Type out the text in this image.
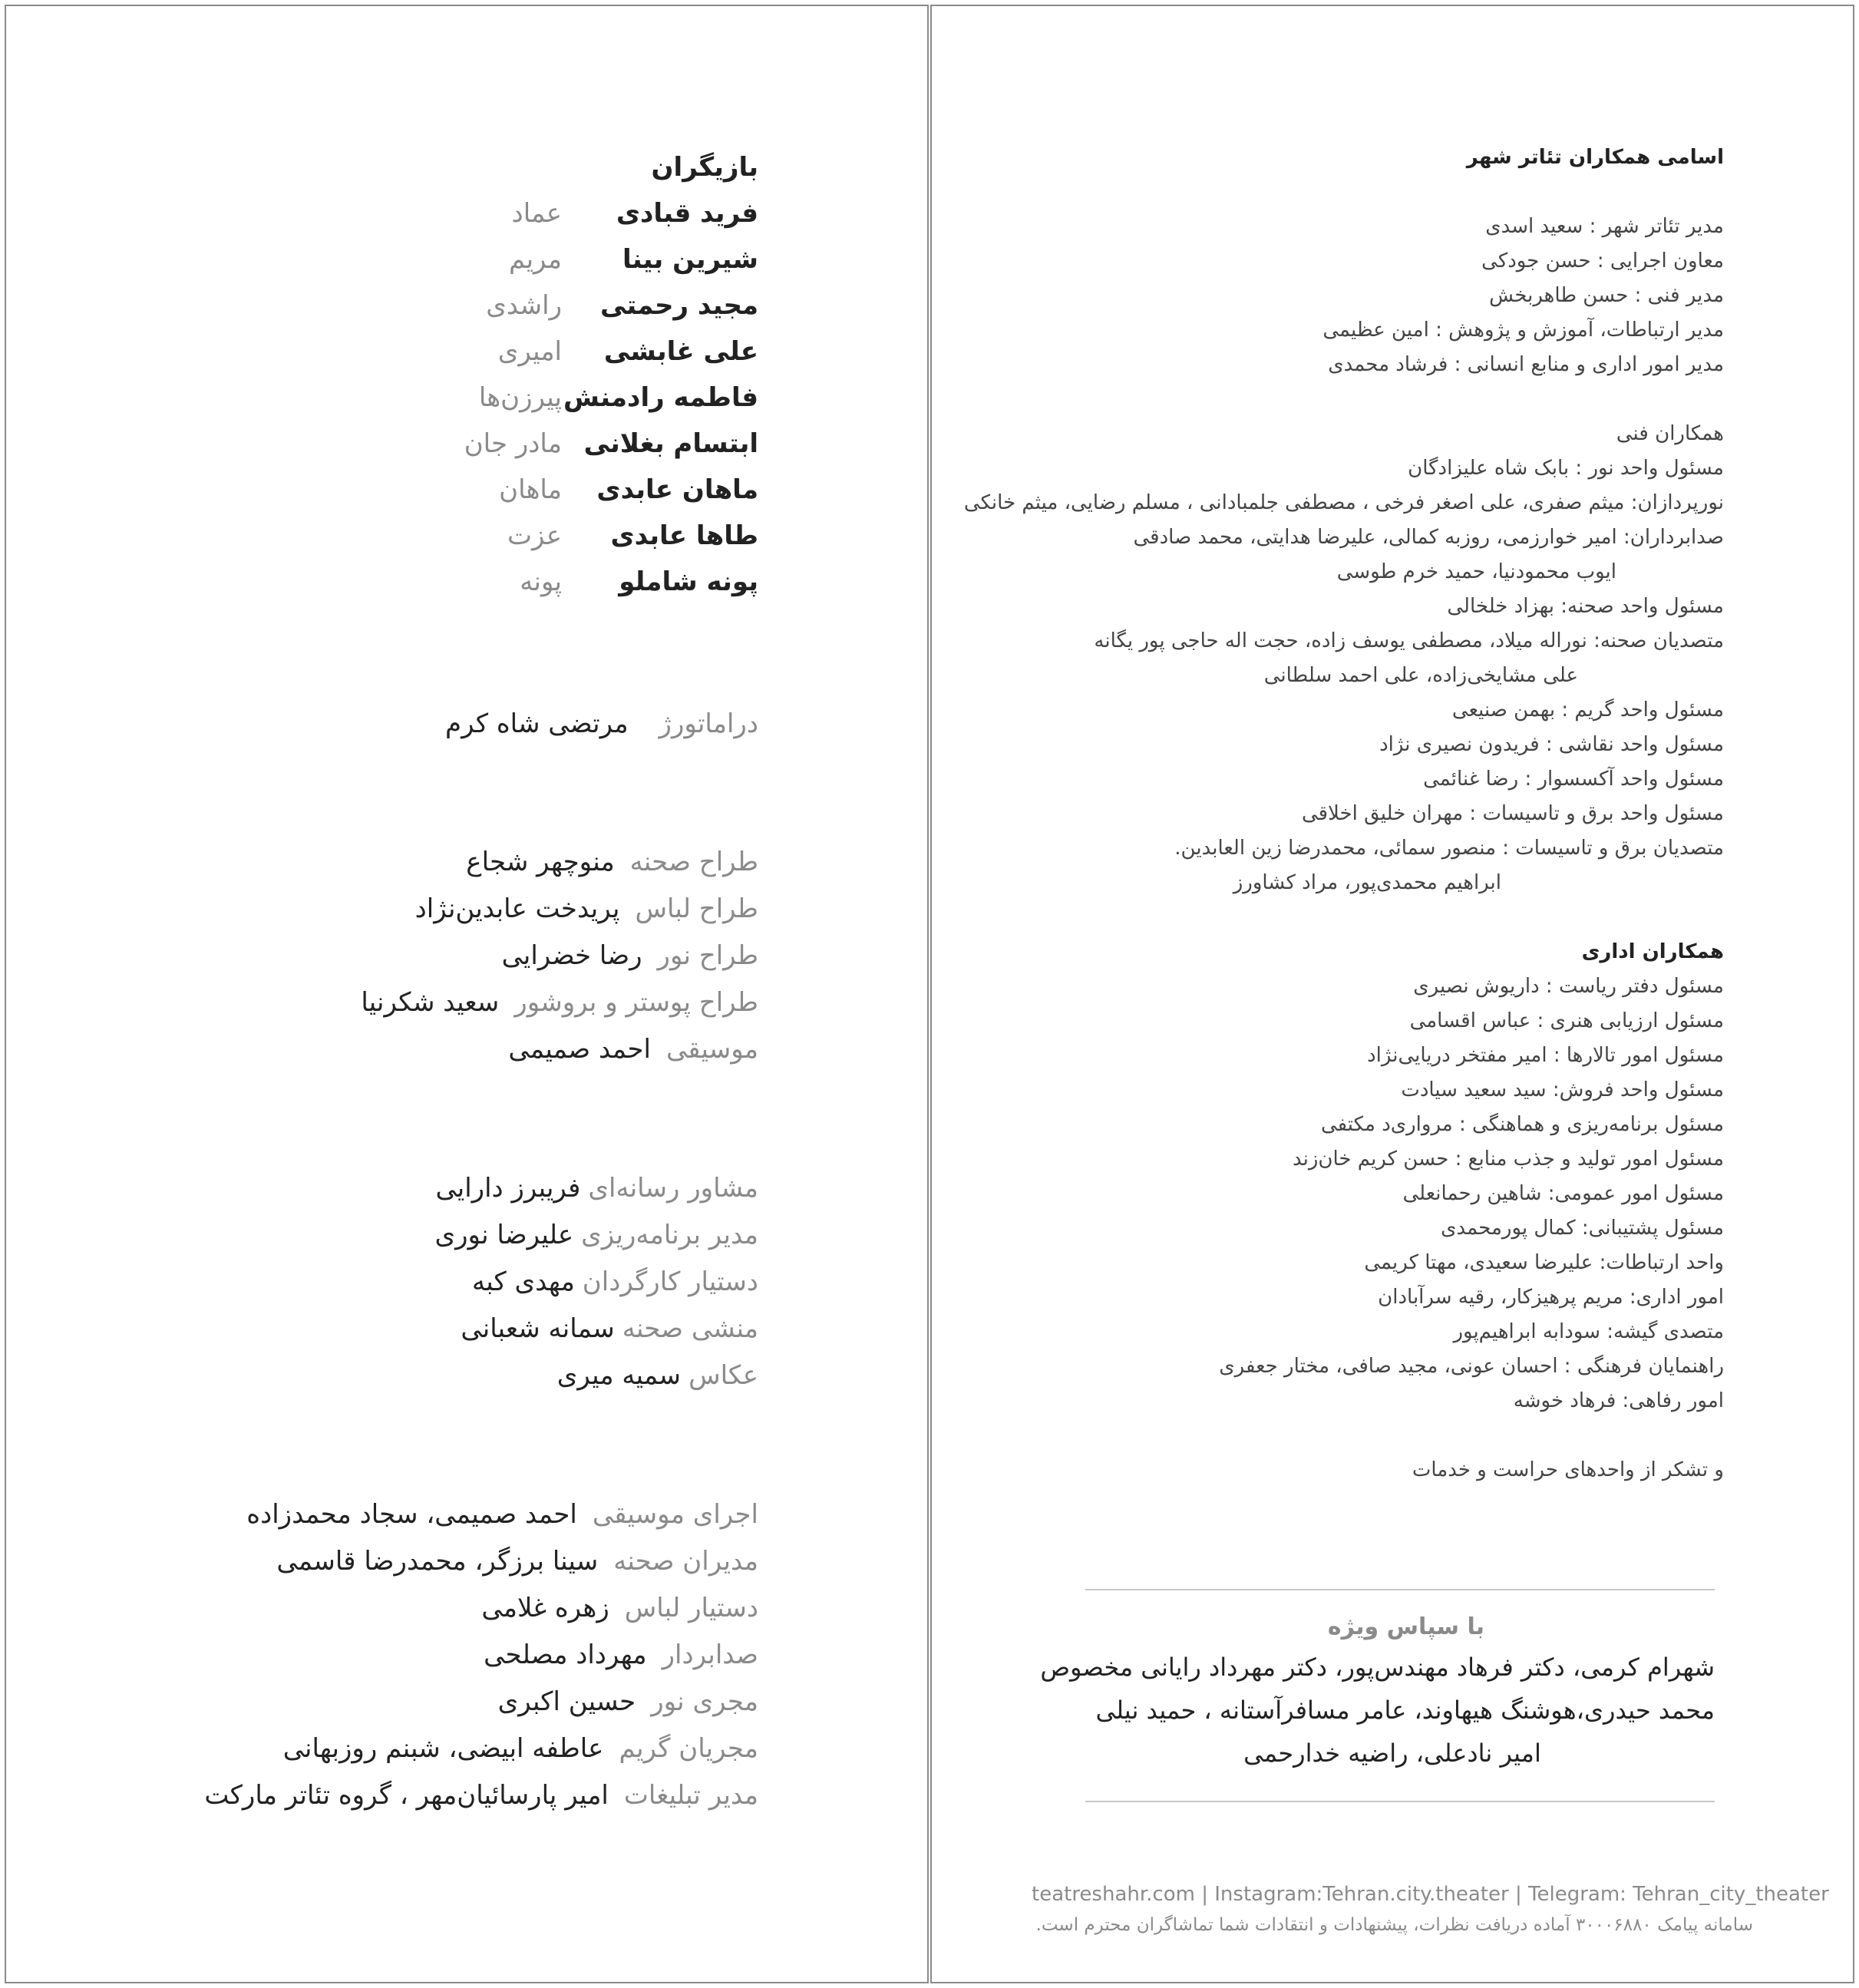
بازیگران
فرید قبادی
عماد
شیرین بینا
مریم
مجید رحمتی
راشدی
علی غابشی
امیری
فاطمه رادمنش
پیرزن‌ها
ابتسام بغلانی
مادر جان
ماهان عابدی
ماهان
طاها عابدی
عزت
پونه شاملو
پونه
دراماتورژمرتضی شاه کرم
طراح صحنهمنوچهر شجاع
طراح لباسپریدخت عابدین‌نژاد
طراح نوررضا خضرایی
طراح پوستر و بروشورسعید شکرنیا
موسیقیاحمد صمیمی
مشاور رسانه‌ایفریبرز دارایی
مدیر برنامه‌ریزیعلیرضا نوری
دستیار کارگردانمهدی کبه
منشی صحنهسمانه شعبانی
عکاسسمیه میری
اجرای موسیقیاحمد صمیمی، سجاد محمدزاده
مدیران صحنهسینا برزگر، محمدرضا قاسمی
دستیار لباسزهره غلامی
صدابردارمهرداد مصلحی
مجری نورحسین اکبری
مجریان گریمعاطفه ابیضی، شبنم روزبهانی
مدیر تبلیغاتامیر پارسائیان‌مهر ، گروه تئاتر مارکت
اسامی همکاران تئاتر شهر
مدیر تئاتر شهر : سعید اسدی
معاون اجرایی : حسن جودکی
مدیر فنی : حسن طاهربخش
مدیر ارتباطات، آموزش و پژوهش : امین عظیمی
مدیر امور اداری و منابع انسانی : فرشاد محمدی
همکاران فنی
مسئول واحد نور : بابک شاه علیزادگان
نورپردازان: میثم صفری، علی اصغر فرخی ، مصطفی جلمبادانی ، مسلم رضایی، میثم خانکی
صدابرداران: امیر خوارزمی، روزبه کمالی، علیرضا هدایتی، محمد صادقی
ایوب محمودنیا، حمید خرم طوسی
مسئول واحد صحنه: بهزاد خلخالی
متصدیان صحنه: نوراله میلاد، مصطفی یوسف زاده، حجت اله حاجی پور یگانه
علی مشایخی‌زاده، علی احمد سلطانی
مسئول واحد گریم : بهمن صنیعی
مسئول واحد نقاشی : فریدون نصیری نژاد
مسئول واحد آکسسوار : رضا غنائمی
مسئول واحد برق و تاسیسات : مهران خلیق اخلاقی
متصدیان برق و تاسیسات : منصور سمائی، محمدرضا زین العابدین.
ابراهیم محمدی‌پور، مراد کشاورز
همکاران اداری
مسئول دفتر ریاست : داریوش نصیری
مسئول ارزیابی هنری : عباس اقسامی
مسئول امور تالارها : امیر مفتخر دریایی‌نژاد
مسئول واحد فروش: سید سعید سیادت
مسئول برنامه‌ریزی و هماهنگی : مرواری‌د مکتفی
مسئول امور تولید و جذب منابع : حسن کریم خان‌زند
مسئول امور عمومی: شاهین رحمانعلی
مسئول پشتیبانی: کمال پورمحمدی
واحد ارتباطات: علیرضا سعیدی، مهتا کریمی
امور اداری: مریم پرهیزکار، رقیه سرآبادان
متصدی گیشه: سودابه ابراهیم‌پور
راهنمایان فرهنگی : احسان عونی، مجید صافی، مختار جعفری
امور رفاهی: فرهاد خوشه
و تشکر از واحدهای حراست و خدمات
با سپاس ویژه
شهرام کرمی، دکتر فرهاد مهندس‌پور، دکتر مهرداد رایانی مخصوص
محمد حیدری،هوشنگ هیهاوند، عامر مسافرآستانه ، حمید نیلی
امیر نادعلی، راضیه خدارحمی
teatreshahr.com | Instagram:Tehran.city.theater | Telegram: Tehran_city_theater
سامانه پیامک ۳۰۰۰۶۸۸۰ آماده دریافت نظرات، پیشنهادات و انتقادات شما تماشاگران محترم است.
